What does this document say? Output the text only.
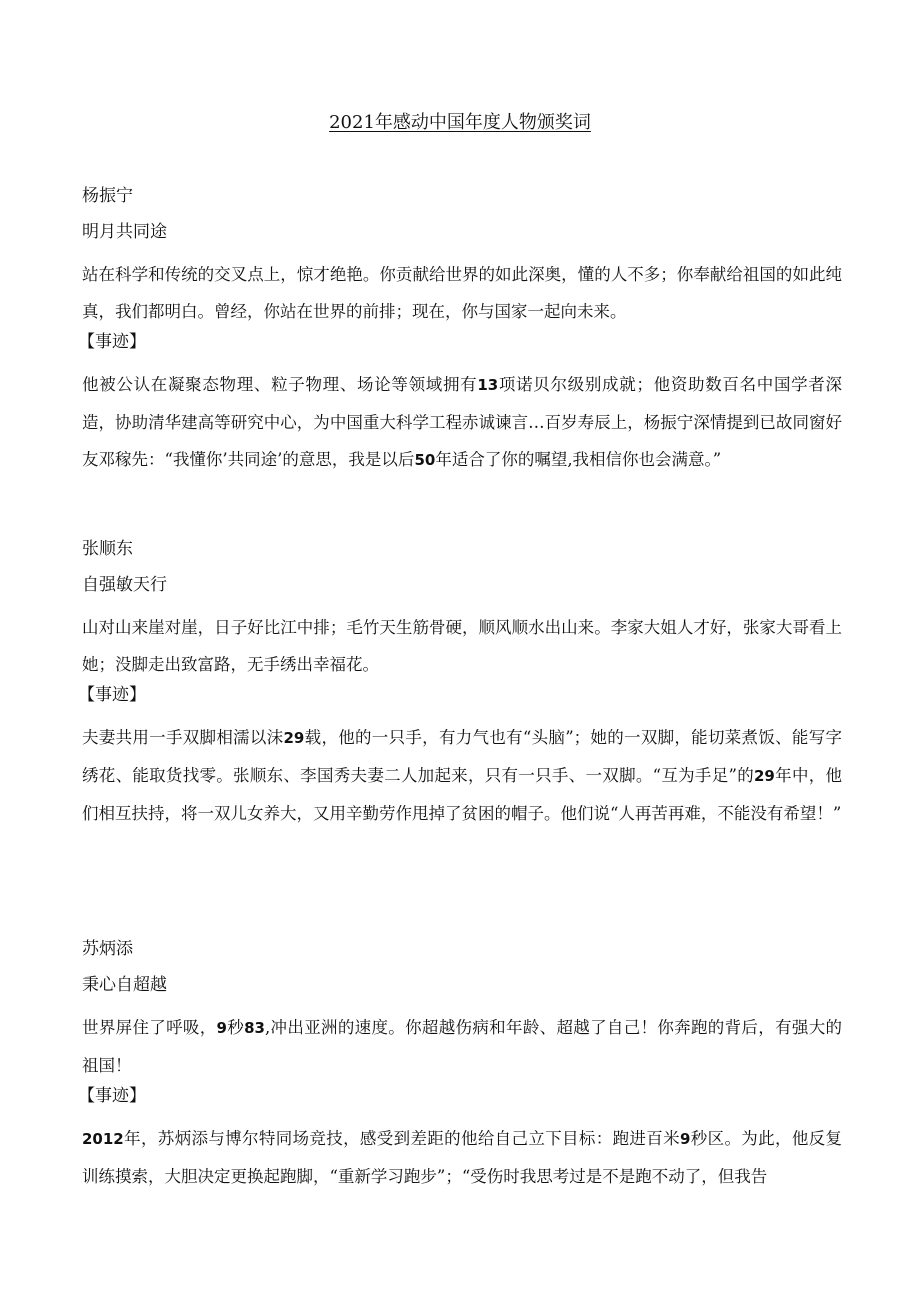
2021年感动中国年度人物颁奖词
杨振宁
明月共同途
站在科学和传统的交叉点上，惊才绝艳。你贡献给世界的如此深奥，懂的人不多；你奉献给祖国的如此纯真，我们都明白。曾经，你站在世界的前排；现在，你与国家一起向未来。
【事迹】
他被公认在凝聚态物理、粒子物理、场论等领域拥有13项诺贝尔级别成就；他资助数百名中国学者深造，协助清华建高等研究中心，为中国重大科学工程赤诚谏言…百岁寿辰上，杨振宁深情提到已故同窗好友邓稼先：“我懂你’共同途’的意思，我是以后50年适合了你的嘱望,我相信你也会满意。”
张顺东
自强敏天行
山对山来崖对崖，日子好比江中排；毛竹天生筋骨硬，顺风顺水出山来。李家大姐人才好，张家大哥看上她；没脚走出致富路，无手绣出幸福花。
【事迹】
夫妻共用一手双脚相濡以沫29载，他的一只手，有力气也有“头脑”；她的一双脚，能切菜煮饭、能写字绣花、能取货找零。张顺东、李国秀夫妻二人加起来，只有一只手、一双脚。“互为手足”的29年中，他们相互扶持，将一双儿女养大，又用辛勤劳作甩掉了贫困的帽子。他们说“人再苦再难，不能没有希望！”
苏炳添
秉心自超越
世界屏住了呼吸，9秒83,冲出亚洲的速度。你超越伤病和年龄、超越了自己！你奔跑的背后，有强大的祖国！
【事迹】
2012年，苏炳添与博尔特同场竞技，感受到差距的他给自己立下目标：跑进百米9秒区。为此，他反复训练摸索，大胆决定更换起跑脚，“重新学习跑步”；“受伤时我思考过是不是跑不动了，但我告
